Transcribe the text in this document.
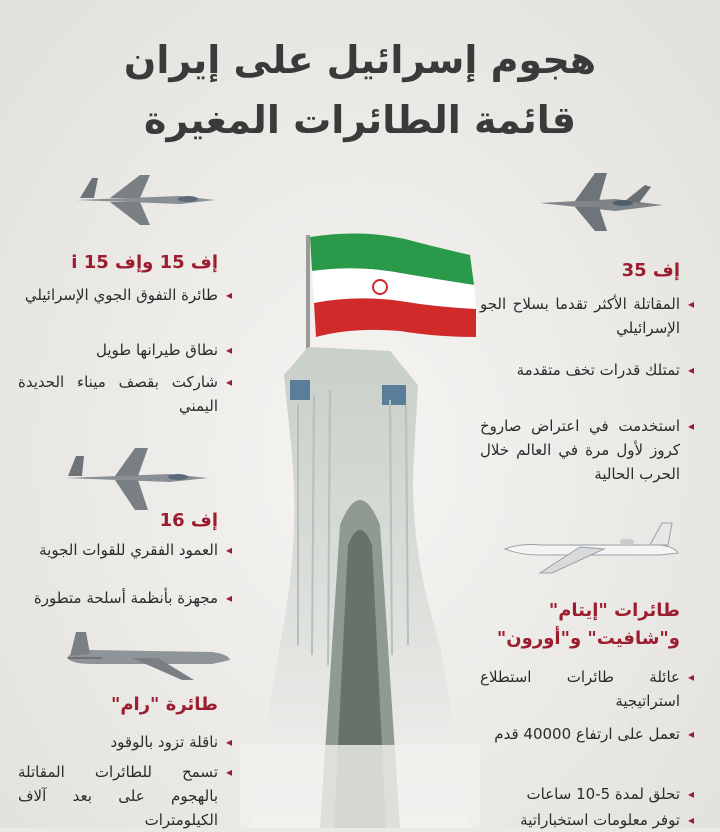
هجوم إسرائيل على إيران
قائمة الطائرات المغيرة
إف 35
◂ المقاتلة الأكثر تقدما بسلاح الجو الإسرائيلي
◂ تمتلك قدرات تخف متقدمة
◂ استخدمت في اعتراض صاروخ كروز لأول مرة في العالم خلال الحرب الحالية
طائرات "إيتام" و"شافيت" و"أورون"
◂ عائلة طائرات استطلاع استراتيجية
◂ تعمل على ارتفاع 40000 قدم
◂ تحلق لمدة 5-10 ساعات
◂ توفر معلومات استخباراتية
إف 15 وإف 15 i
◂ طائرة التفوق الجوي الإسرائيلي
◂ نطاق طيرانها طويل
◂ شاركت بقصف ميناء الحديدة اليمني
إف 16
◂ العمود الفقري للقوات الجوية
◂ مجهزة بأنظمة أسلحة متطورة
طائرة "رام"
◂ ناقلة تزود بالوقود
◂ تسمح للطائرات المقاتلة بالهجوم على بعد آلاف الكيلومترات
